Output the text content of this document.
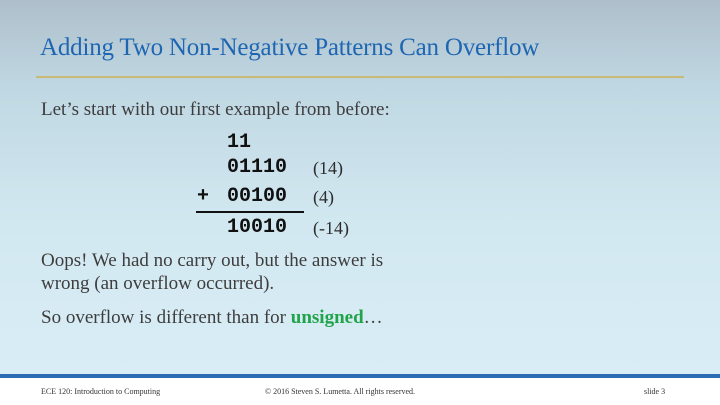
Adding Two Non-Negative Patterns Can Overflow
Let’s start with our first example from before:
11
01110 (14)
+ 00100 (4)
10010 (-14)
Oops! We had no carry out, but the answer is
wrong (an overflow occurred).
So overflow is different than for unsigned…
ECE 120: Introduction to Computing	© 2016 Steven S. Lumetta. All rights reserved.	slide 3
